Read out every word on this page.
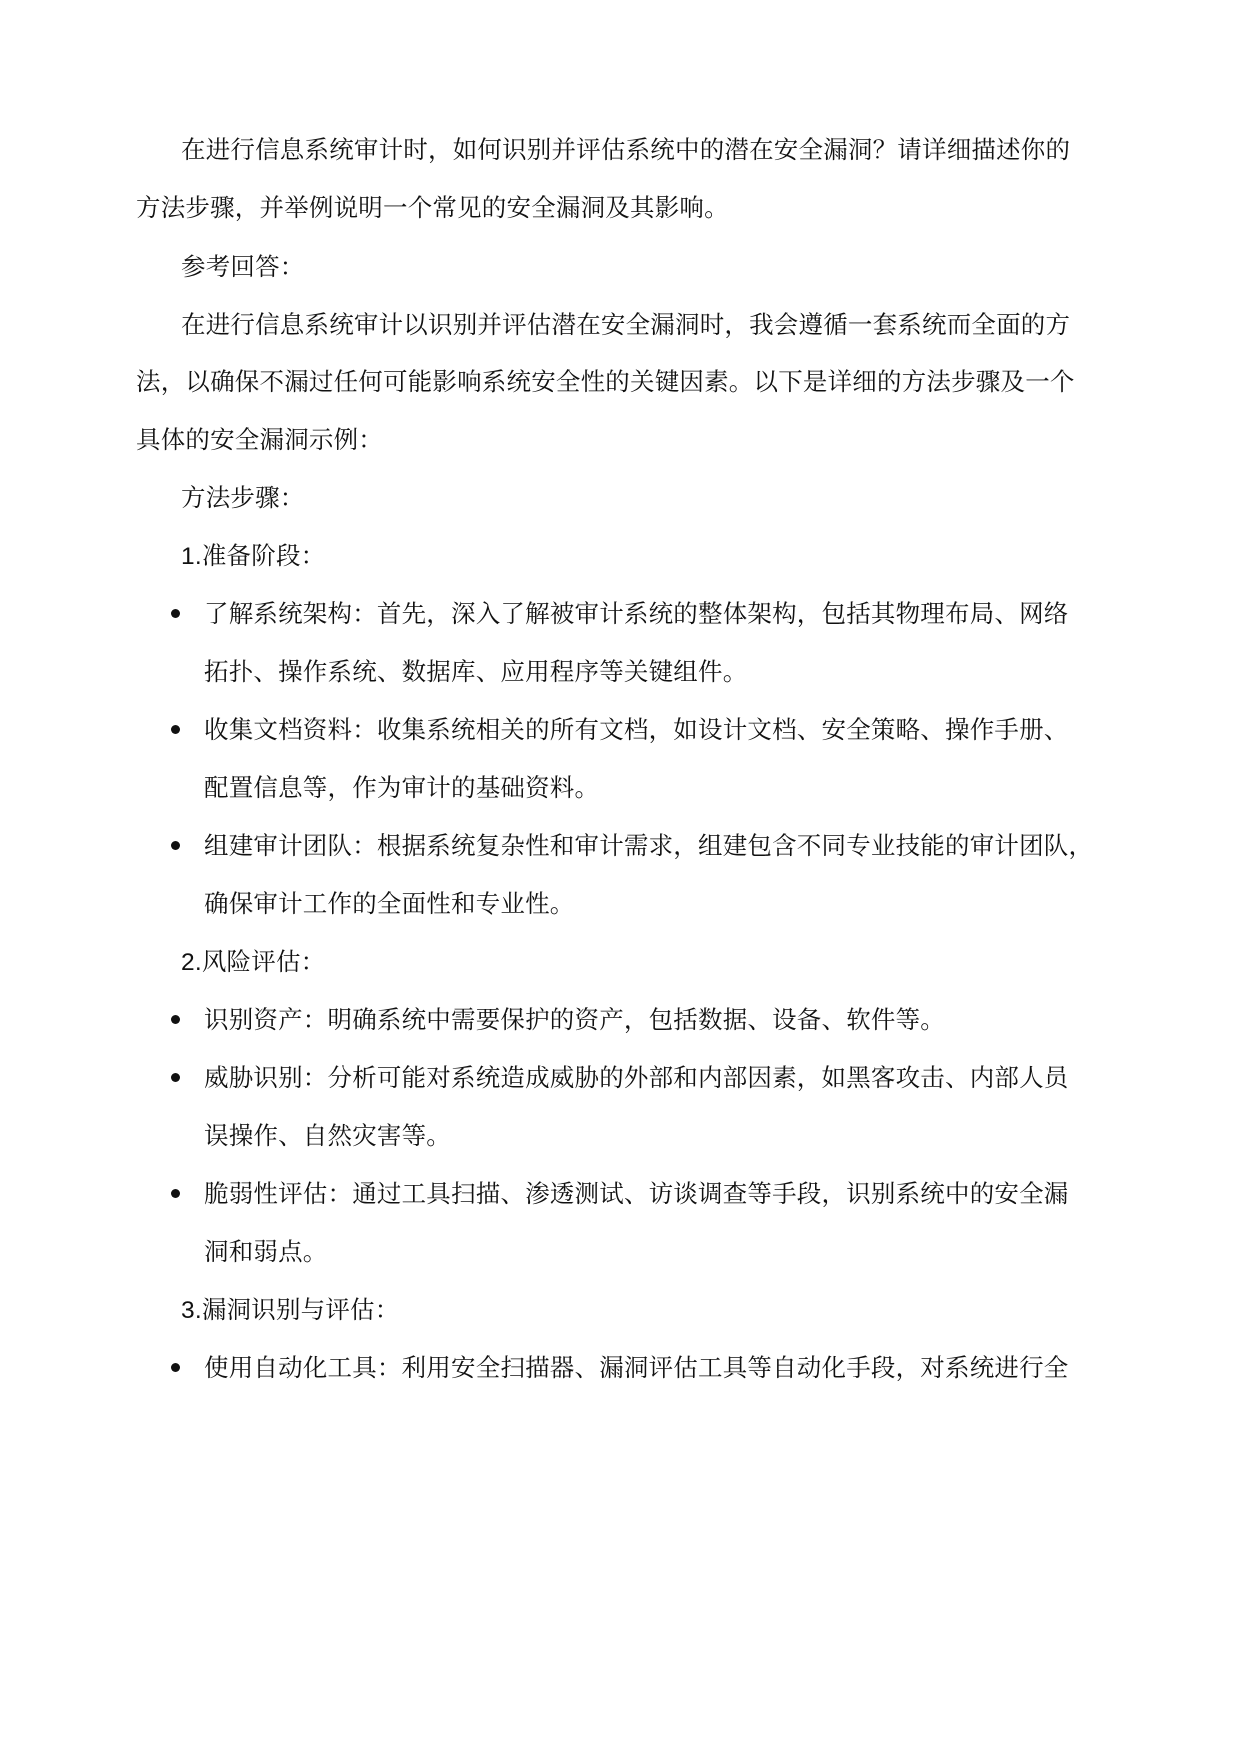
在进行信息系统审计时，如何识别并评估系统中的潜在安全漏洞？请详细描述你的
方法步骤，并举例说明一个常见的安全漏洞及其影响。
参考回答：
在进行信息系统审计以识别并评估潜在安全漏洞时，我会遵循一套系统而全面的方
法，以确保不漏过任何可能影响系统安全性的关键因素。以下是详细的方法步骤及一个
具体的安全漏洞示例：
方法步骤：
1.准备阶段：
了解系统架构：首先，深入了解被审计系统的整体架构，包括其物理布局、网络
拓扑、操作系统、数据库、应用程序等关键组件。
收集文档资料：收集系统相关的所有文档，如设计文档、安全策略、操作手册、
配置信息等，作为审计的基础资料。
组建审计团队：根据系统复杂性和审计需求，组建包含不同专业技能的审计团队，
确保审计工作的全面性和专业性。
2.风险评估：
识别资产：明确系统中需要保护的资产，包括数据、设备、软件等。
威胁识别：分析可能对系统造成威胁的外部和内部因素，如黑客攻击、内部人员
误操作、自然灾害等。
脆弱性评估：通过工具扫描、渗透测试、访谈调查等手段，识别系统中的安全漏
洞和弱点。
3.漏洞识别与评估：
使用自动化工具：利用安全扫描器、漏洞评估工具等自动化手段，对系统进行全
